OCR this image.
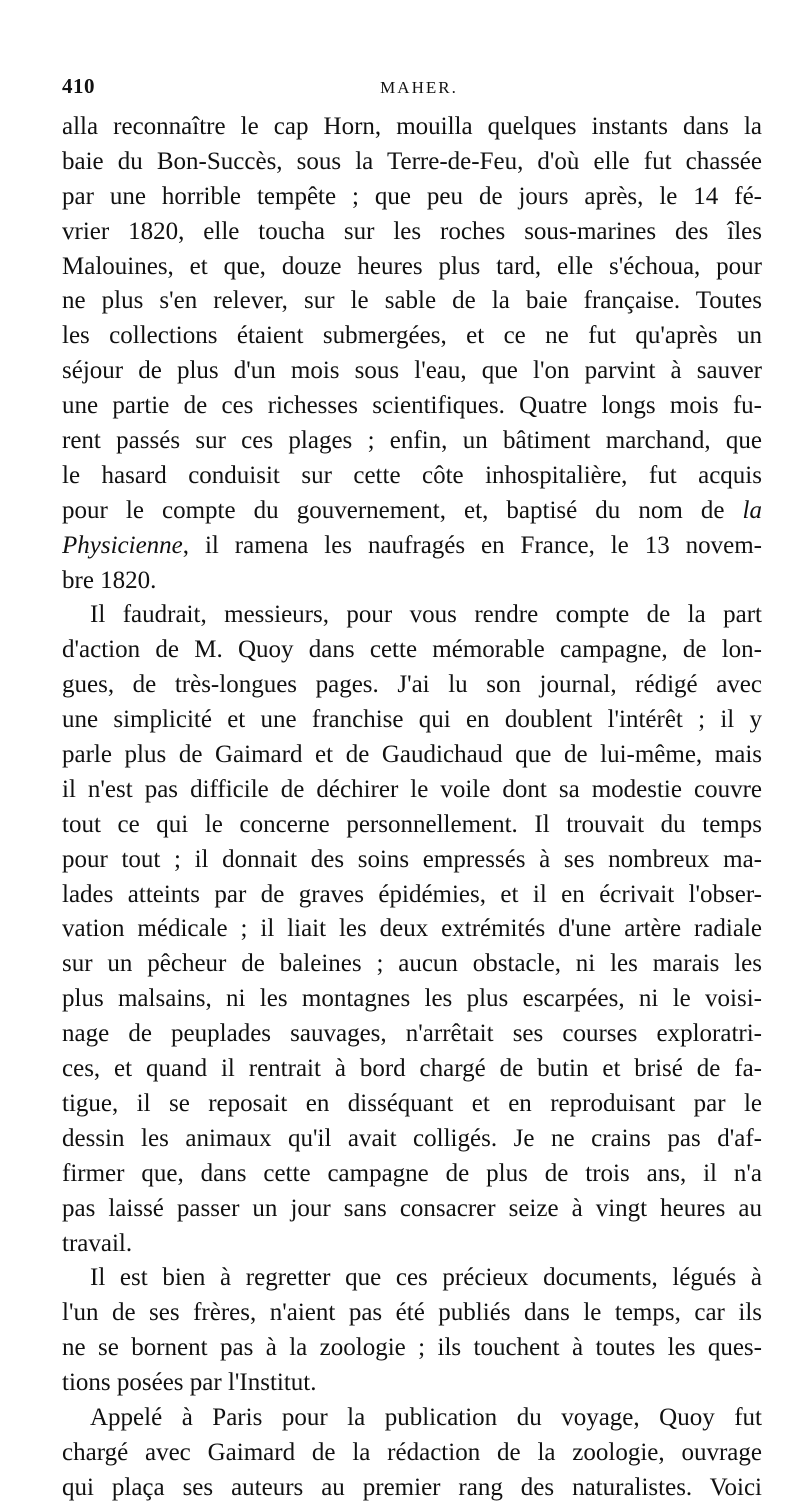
410	MAHER.
alla reconnaître le cap Horn, mouilla quelques instants dans la
baie du Bon-Succès, sous la Terre-de-Feu, d'où elle fut chassée
par une horrible tempête ; que peu de jours après, le 14 fé-
vrier 1820, elle toucha sur les roches sous-marines des îles
Malouines, et que, douze heures plus tard, elle s'échoua, pour
ne plus s'en relever, sur le sable de la baie française. Toutes
les collections étaient submergées, et ce ne fut qu'après un
séjour de plus d'un mois sous l'eau, que l'on parvint à sauver
une partie de ces richesses scientifiques. Quatre longs mois fu-
rent passés sur ces plages ; enfin, un bâtiment marchand, que
le hasard conduisit sur cette côte inhospitalière, fut acquis
pour le compte du gouvernement, et, baptisé du nom de la
Physicienne, il ramena les naufragés en France, le 13 novem-
bre 1820.
Il faudrait, messieurs, pour vous rendre compte de la part
d'action de M. Quoy dans cette mémorable campagne, de lon-
gues, de très-longues pages. J'ai lu son journal, rédigé avec
une simplicité et une franchise qui en doublent l'intérêt ; il y
parle plus de Gaimard et de Gaudichaud que de lui-même, mais
il n'est pas difficile de déchirer le voile dont sa modestie couvre
tout ce qui le concerne personnellement. Il trouvait du temps
pour tout ; il donnait des soins empressés à ses nombreux ma-
lades atteints par de graves épidémies, et il en écrivait l'obser-
vation médicale ; il liait les deux extrémités d'une artère radiale
sur un pêcheur de baleines ; aucun obstacle, ni les marais les
plus malsains, ni les montagnes les plus escarpées, ni le voisi-
nage de peuplades sauvages, n'arrêtait ses courses exploratri-
ces, et quand il rentrait à bord chargé de butin et brisé de fa-
tigue, il se reposait en disséquant et en reproduisant par le
dessin les animaux qu'il avait colligés. Je ne crains pas d'af-
firmer que, dans cette campagne de plus de trois ans, il n'a
pas laissé passer un jour sans consacrer seize à vingt heures au
travail.
Il est bien à regretter que ces précieux documents, légués à
l'un de ses frères, n'aient pas été publiés dans le temps, car ils
ne se bornent pas à la zoologie ; ils touchent à toutes les ques-
tions posées par l'Institut.
Appelé à Paris pour la publication du voyage, Quoy fut
chargé avec Gaimard de la rédaction de la zoologie, ouvrage
qui plaça ses auteurs au premier rang des naturalistes. Voici
